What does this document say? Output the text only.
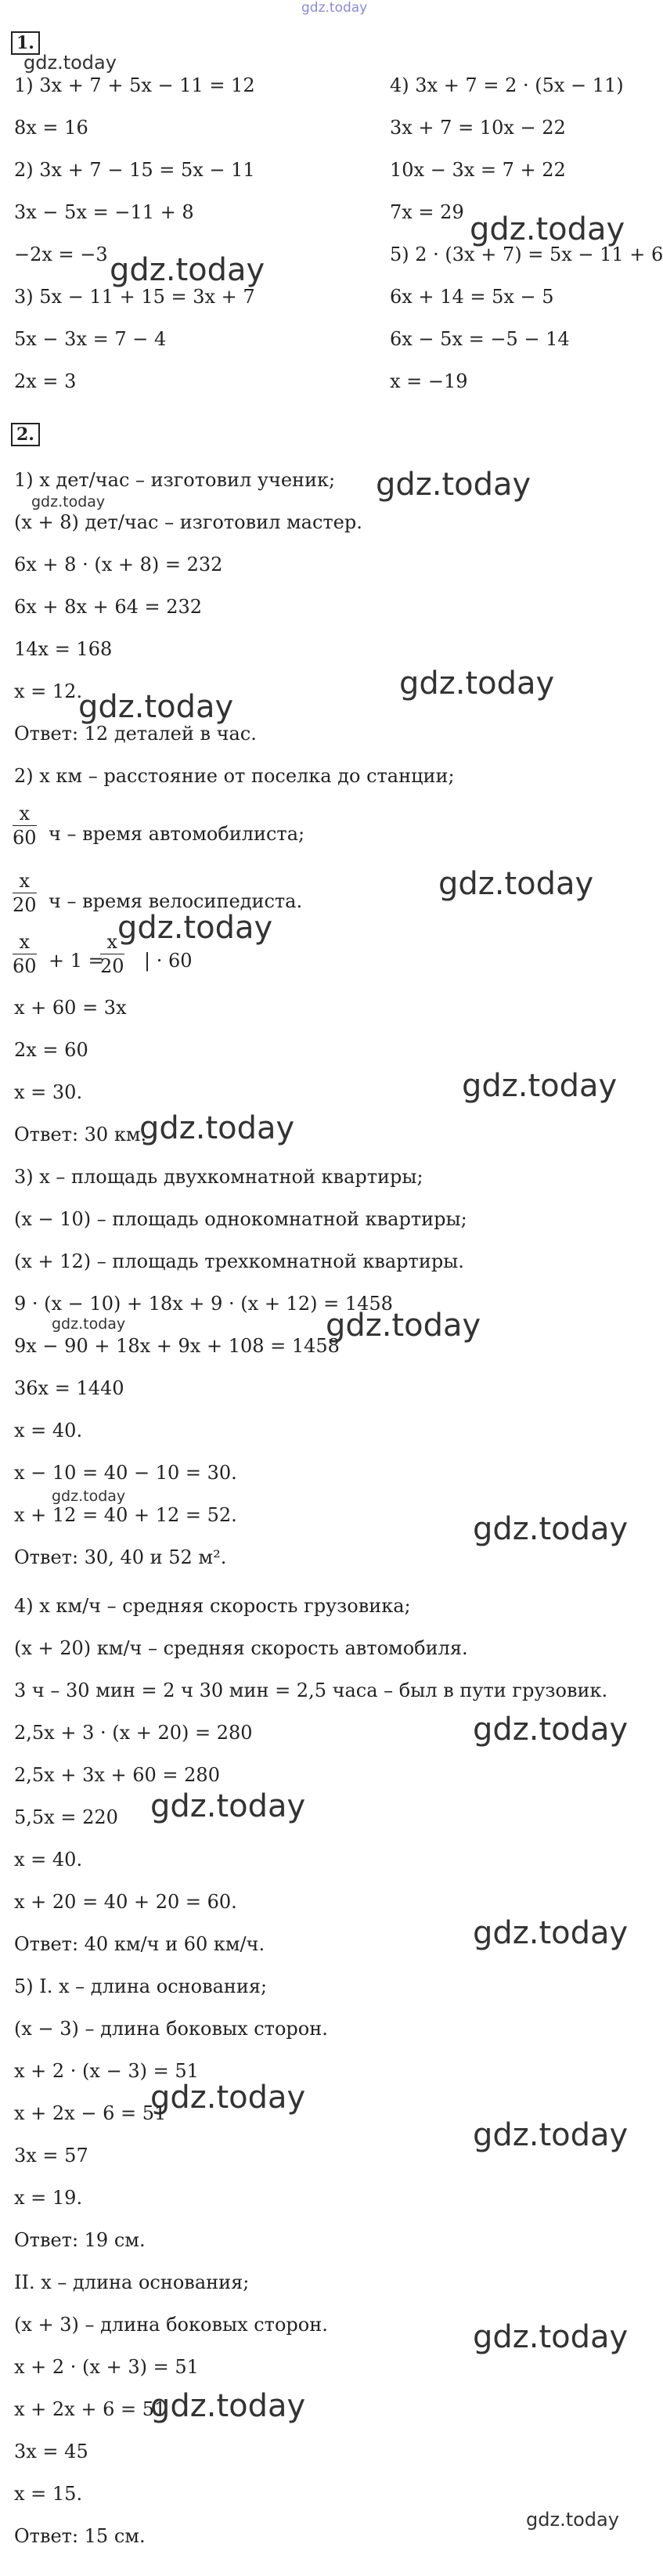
gdz.today
1.
gdz.today
1) 3x + 7 + 5x − 11 = 12
8x = 16
2) 3x + 7 − 15 = 5x − 11
3x − 5x = −11 + 8
−2x = −3
3) 5x − 11 + 15 = 3x + 7
5x − 3x = 7 − 4
2x = 3
4) 3x + 7 = 2 · (5x − 11)
3x + 7 = 10x − 22
10x − 3x = 7 + 22
7x = 29
5) 2 · (3x + 7) = 5x − 11 + 6
6x + 14 = 5x − 5
6x − 5x = −5 − 14
x = −19
gdz.today
gdz.today
2.
1) x дет/час – изготовил ученик; gdz.today
gdz.today
(x + 8) дет/час – изготовил мастер.
6x + 8 · (x + 8) = 232
6x + 8x + 64 = 232
14x = 168
x = 12.
gdz.today
gdz.today
Ответ: 12 деталей в час.
2) x км – расстояние от поселка до станции;
$\frac{x}{60}$ ч – время автомобилиста;
$\frac{x}{20}$ ч – время велосипедиста.	gdz.today
$\frac{x}{60} + 1$ =
$\frac{x}{20}$ | · 60
gdz.today
x + 60 = 3x
2x = 60
x = 30.	gdz.today
Ответ: 30 км.
gdz.today
3) x – площадь двухкомнатной квартиры;
(x − 10) – площадь однокомнатной квартиры;
(x + 12) – площадь трехкомнатной квартиры.
9 · (x − 10) + 18x + 9 · (x + 12) = 1458
gdz.today
9x − 90 + 18x + 9x + 108 = 1458
gdz.today
36x = 1440
x = 40.
x − 10 = 40 − 10 = 30.
gdz.today
x + 12 = 40 + 12 = 52.	gdz.today
Ответ: 30, 40 и 52 м².
4) x км/ч – средняя скорость грузовика;
(x + 20) км/ч – средняя скорость автомобиля.
3 ч – 30 мин = 2 ч 30 мин = 2,5 часа – был в пути грузовик.
2,5x + 3 · (x + 20) = 280	gdz.today
2,5x + 3x + 60 = 280
5,5x = 220 gdz.today
x = 40.
x + 20 = 40 + 20 = 60.
gdz.today
Ответ: 40 км/ч и 60 км/ч.
5) I. x – длина основания;
(x − 3) – длина боковых сторон.
x + 2 · (x − 3) = 51
gdz.today
x + 2x − 6 = 51
gdz.today
3x = 57
x = 19.
Ответ: 19 см.
II. x – длина основания;
(x + 3) – длина боковых сторон.	gdz.today
x + 2 · (x + 3) = 51
x + 2x + 6 = 51
gdz.today
3x = 45
x = 15.
gdz.today
Ответ: 15 см.
